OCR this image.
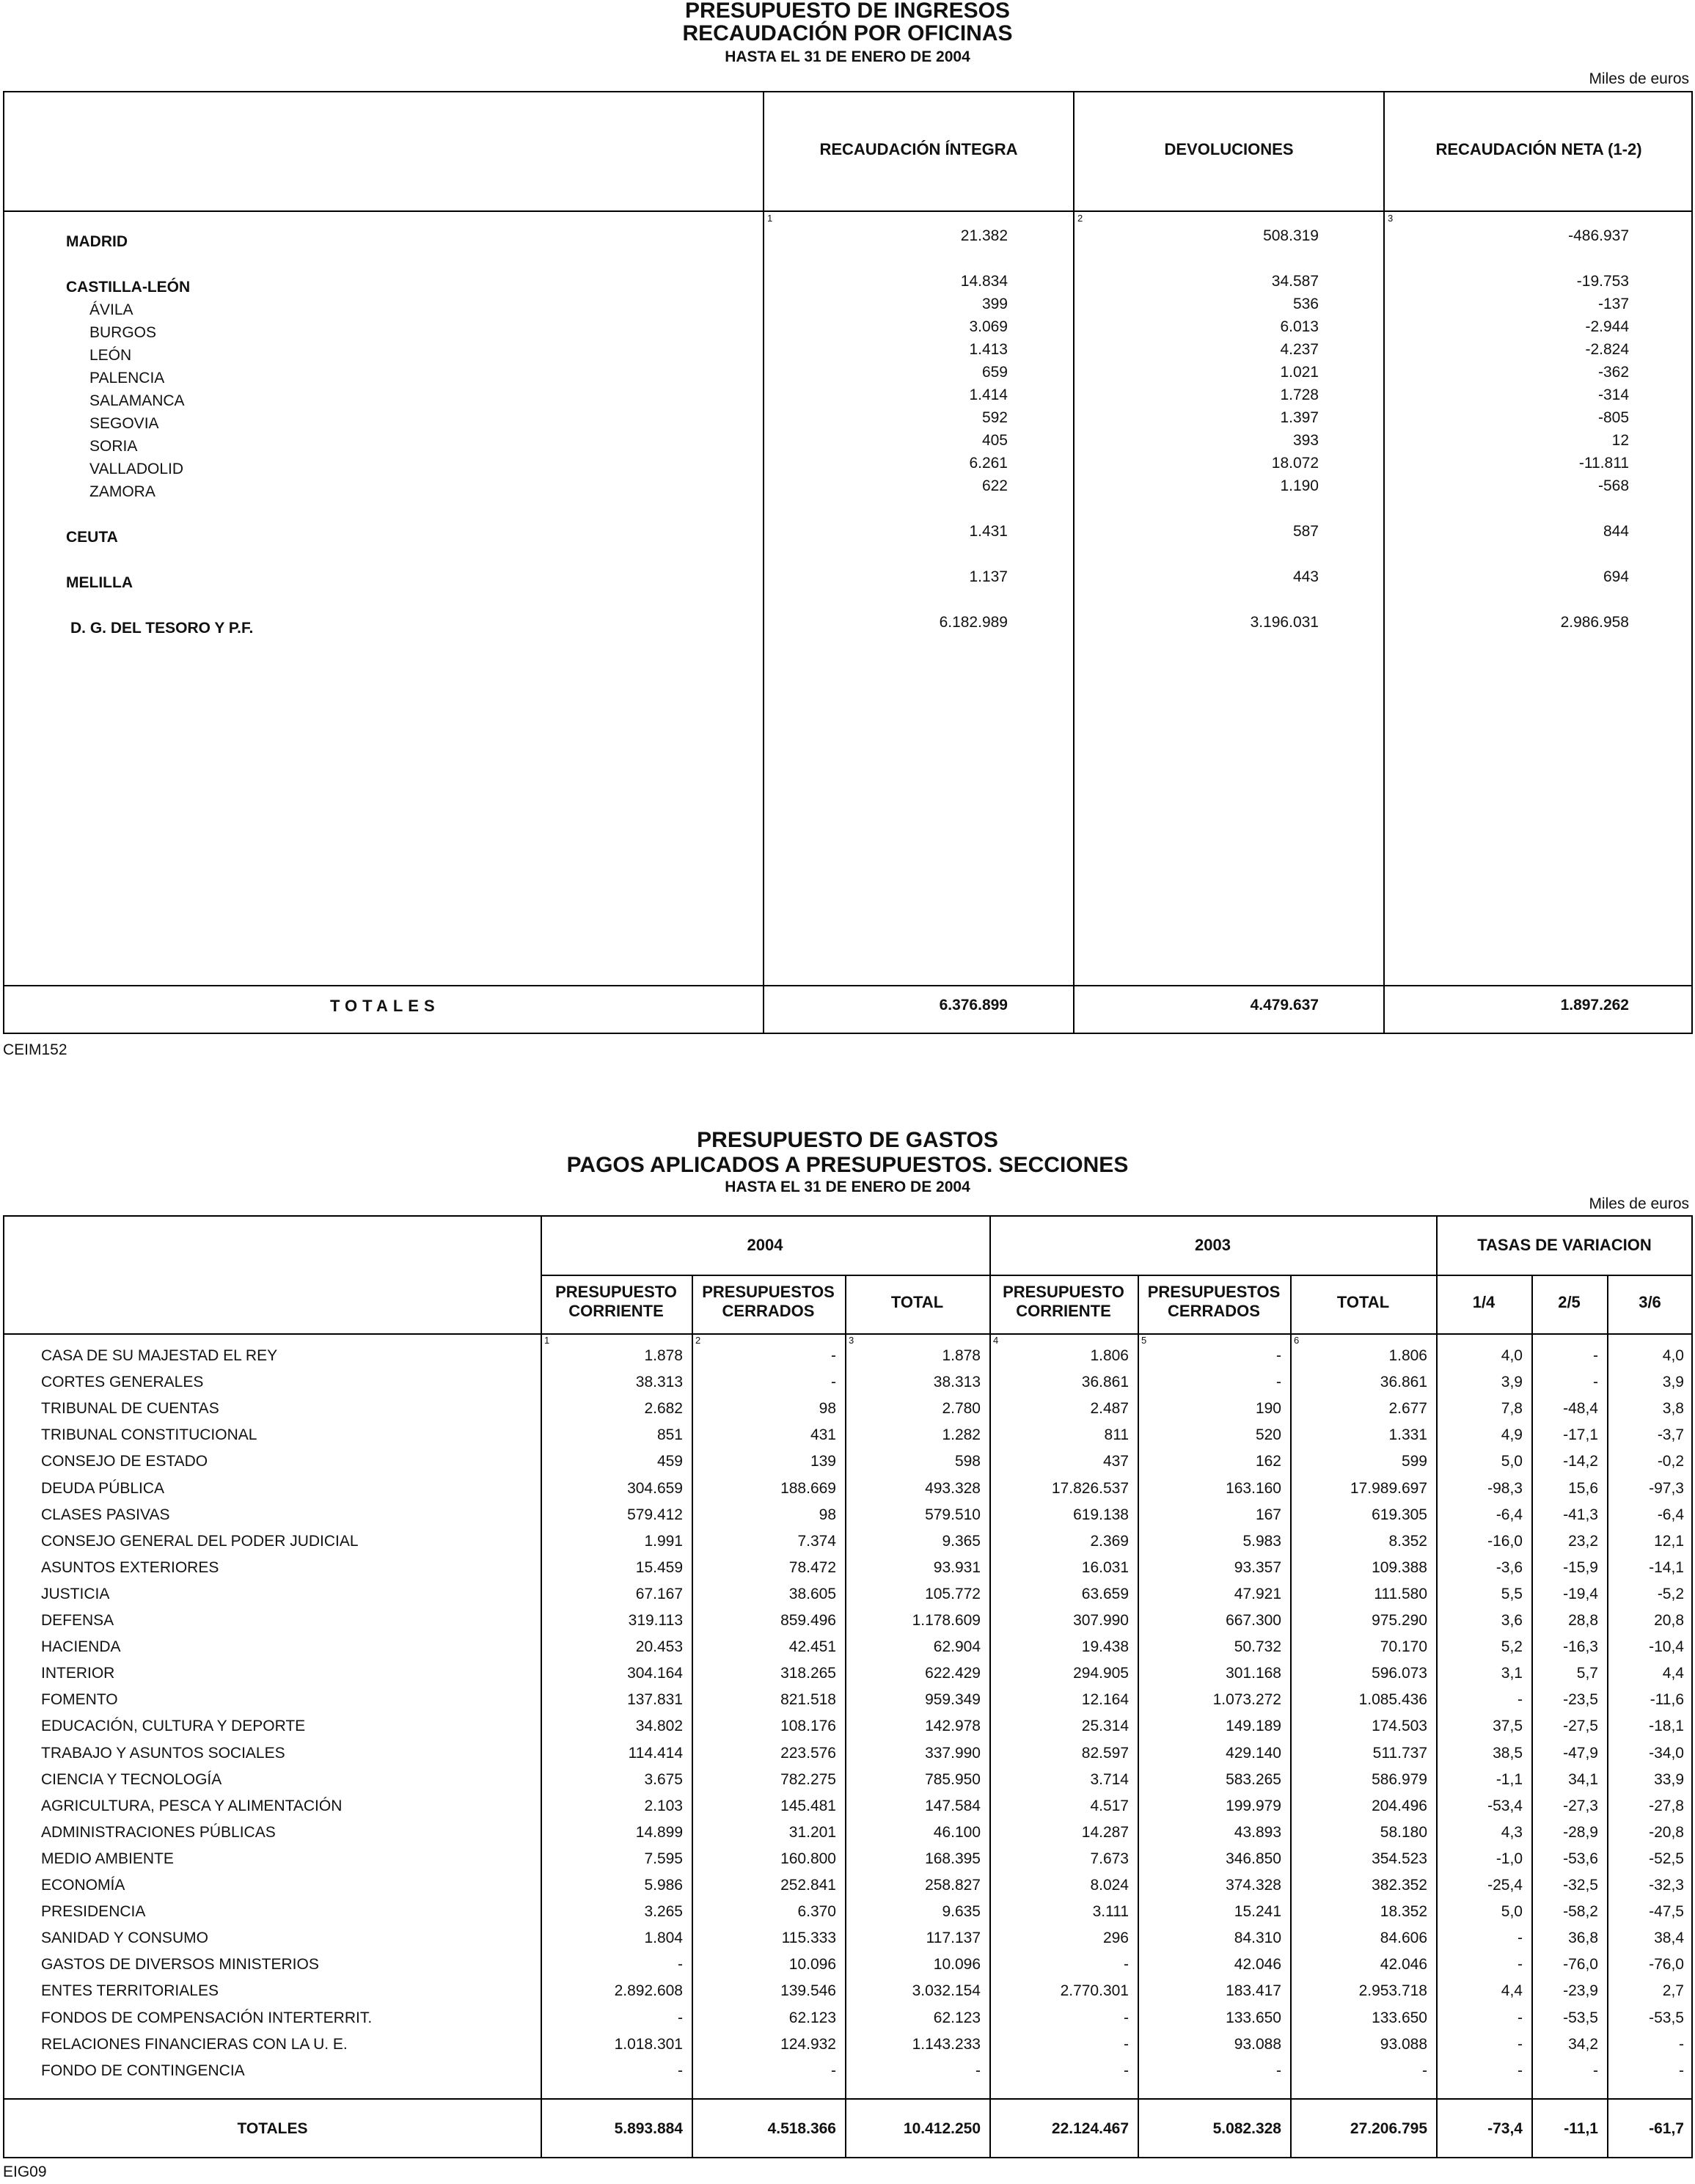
PRESUPUESTO DE INGRESOS
RECAUDACIÓN POR OFICINAS
HASTA EL 31 DE ENERO DE 2004
Miles de euros
RECAUDACIÓN ÍNTEGRA	DEVOLUCIONES	RECAUDACIÓN NETA (1-2)
1	2	3
MADRID	21.382	508.319	-486.937
CASTILLA-LEÓN	14.834	34.587	-19.753
ÁVILA	399	536	-137
BURGOS	3.069	6.013	-2.944
LEÓN	1.413	4.237	-2.824
PALENCIA	659	1.021	-362
SALAMANCA	1.414	1.728	-314
SEGOVIA	592	1.397	-805
SORIA	405	393	12
VALLADOLID	6.261	18.072	-11.811
ZAMORA	622	1.190	-568
CEUTA	1.431	587	844
MELILLA	1.137	443	694
D. G. DEL TESORO Y P.F.	6.182.989	3.196.031	2.986.958
TOTALES	6.376.899	4.479.637	1.897.262
CEIM152
PRESUPUESTO DE GASTOS
PAGOS APLICADOS A PRESUPUESTOS. SECCIONES
HASTA EL 31 DE ENERO DE 2004
Miles de euros
2004	2003	TASAS DE VARIACION
PRESUPUESTO
CORRIENTE
PRESUPUESTOS
CERRADOS	TOTAL
PRESUPUESTO
CORRIENTE
PRESUPUESTOS
CERRADOS	TOTAL	1/4	2/5	3/6
1	2	3	4	5	6
CASA DE SU MAJESTAD EL REY	1.878	-	1.878	1.806	-	1.806	4,0	-	4,0
CORTES GENERALES	38.313	-	38.313	36.861	-	36.861	3,9	-	3,9
TRIBUNAL DE CUENTAS	2.682	98	2.780	2.487	190	2.677	7,8	-48,4	3,8
TRIBUNAL CONSTITUCIONAL	851	431	1.282	811	520	1.331	4,9	-17,1	-3,7
CONSEJO DE ESTADO	459	139	598	437	162	599	5,0	-14,2	-0,2
DEUDA PÚBLICA	304.659	188.669	493.328	17.826.537	163.160	17.989.697	-98,3	15,6	-97,3
CLASES PASIVAS	579.412	98	579.510	619.138	167	619.305	-6,4	-41,3	-6,4
CONSEJO GENERAL DEL PODER JUDICIAL	1.991	7.374	9.365	2.369	5.983	8.352	-16,0	23,2	12,1
ASUNTOS EXTERIORES	15.459	78.472	93.931	16.031	93.357	109.388	-3,6	-15,9	-14,1
JUSTICIA	67.167	38.605	105.772	63.659	47.921	111.580	5,5	-19,4	-5,2
DEFENSA	319.113	859.496	1.178.609	307.990	667.300	975.290	3,6	28,8	20,8
HACIENDA	20.453	42.451	62.904	19.438	50.732	70.170	5,2	-16,3	-10,4
INTERIOR	304.164	318.265	622.429	294.905	301.168	596.073	3,1	5,7	4,4
FOMENTO	137.831	821.518	959.349	12.164	1.073.272	1.085.436	-	-23,5	-11,6
EDUCACIÓN, CULTURA Y DEPORTE	34.802	108.176	142.978	25.314	149.189	174.503	37,5	-27,5	-18,1
TRABAJO Y ASUNTOS SOCIALES	114.414	223.576	337.990	82.597	429.140	511.737	38,5	-47,9	-34,0
CIENCIA Y TECNOLOGÍA	3.675	782.275	785.950	3.714	583.265	586.979	-1,1	34,1	33,9
AGRICULTURA, PESCA Y ALIMENTACIÓN	2.103	145.481	147.584	4.517	199.979	204.496	-53,4	-27,3	-27,8
ADMINISTRACIONES PÚBLICAS	14.899	31.201	46.100	14.287	43.893	58.180	4,3	-28,9	-20,8
MEDIO AMBIENTE	7.595	160.800	168.395	7.673	346.850	354.523	-1,0	-53,6	-52,5
ECONOMÍA	5.986	252.841	258.827	8.024	374.328	382.352	-25,4	-32,5	-32,3
PRESIDENCIA	3.265	6.370	9.635	3.111	15.241	18.352	5,0	-58,2	-47,5
SANIDAD Y CONSUMO	1.804	115.333	117.137	296	84.310	84.606	-	36,8	38,4
GASTOS DE DIVERSOS MINISTERIOS	-	10.096	10.096	-	42.046	42.046	-	-76,0	-76,0
ENTES TERRITORIALES	2.892.608	139.546	3.032.154	2.770.301	183.417	2.953.718	4,4	-23,9	2,7
FONDOS DE COMPENSACIÓN INTERTERRIT.	-	62.123	62.123	-	133.650	133.650	-	-53,5	-53,5
RELACIONES FINANCIERAS CON LA U. E.	1.018.301	124.932	1.143.233	-	93.088	93.088	-	34,2	-
FONDO DE CONTINGENCIA	-	-	-	-	-	-	-	-	-
TOTALES	5.893.884	4.518.366	10.412.250	22.124.467	5.082.328	27.206.795	-73,4	-11,1	-61,7
EIG09
